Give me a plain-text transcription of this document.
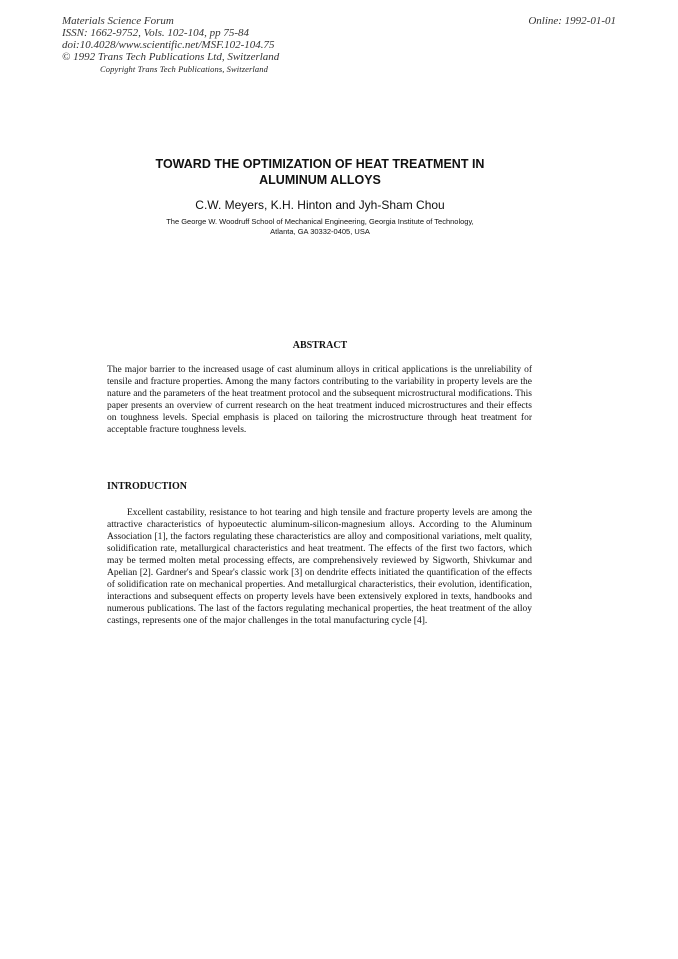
Materials Science Forum
ISSN: 1662-9752, Vols. 102-104, pp 75-84
doi:10.4028/www.scientific.net/MSF.102-104.75
© 1992 Trans Tech Publications Ltd, Switzerland
Online: 1992-01-01
Copyright Trans Tech Publications, Switzerland
TOWARD THE OPTIMIZATION OF HEAT TREATMENT IN
ALUMINUM ALLOYS
C.W. Meyers, K.H. Hinton and Jyh-Sham Chou
The George W. Woodruff School of Mechanical Engineering, Georgia Institute of Technology,
Atlanta, GA 30332-0405, USA
ABSTRACT

The major barrier to the increased usage of cast aluminum alloys in critical applications is the unreliability of tensile and fracture properties. Among the many factors contributing to the variability in property levels are the nature and the parameters of the heat treatment protocol and the subsequent microstructural modifications. This paper presents an overview of current research on the heat treatment induced microstructures and their effects on toughness levels. Special emphasis is placed on tailoring the microstructure through heat treatment for acceptable fracture toughness levels.

INTRODUCTION

Excellent castability, resistance to hot tearing and high tensile and fracture property levels are among the attractive characteristics of hypoeutectic aluminum-silicon-magnesium alloys. According to the Aluminum Association [1], the factors regulating these characteristics are alloy and compositional variations, melt quality, solidification rate, metallurgical characteristics and heat treatment. The effects of the first two factors, which may be termed molten metal processing effects, are comprehensively reviewed by Sigworth, Shivkumar and Apelian [2]. Gardner's and Spear's classic work [3] on dendrite effects initiated the quantification of the effects of solidification rate on mechanical properties. And metallurgical characteristics, their evolution, identification, interactions and subsequent effects on property levels have been extensively explored in texts, handbooks and numerous publications. The last of the factors regulating mechanical properties, the heat treatment of the alloy castings, represents one of the major challenges in the total manufacturing cycle [4].
